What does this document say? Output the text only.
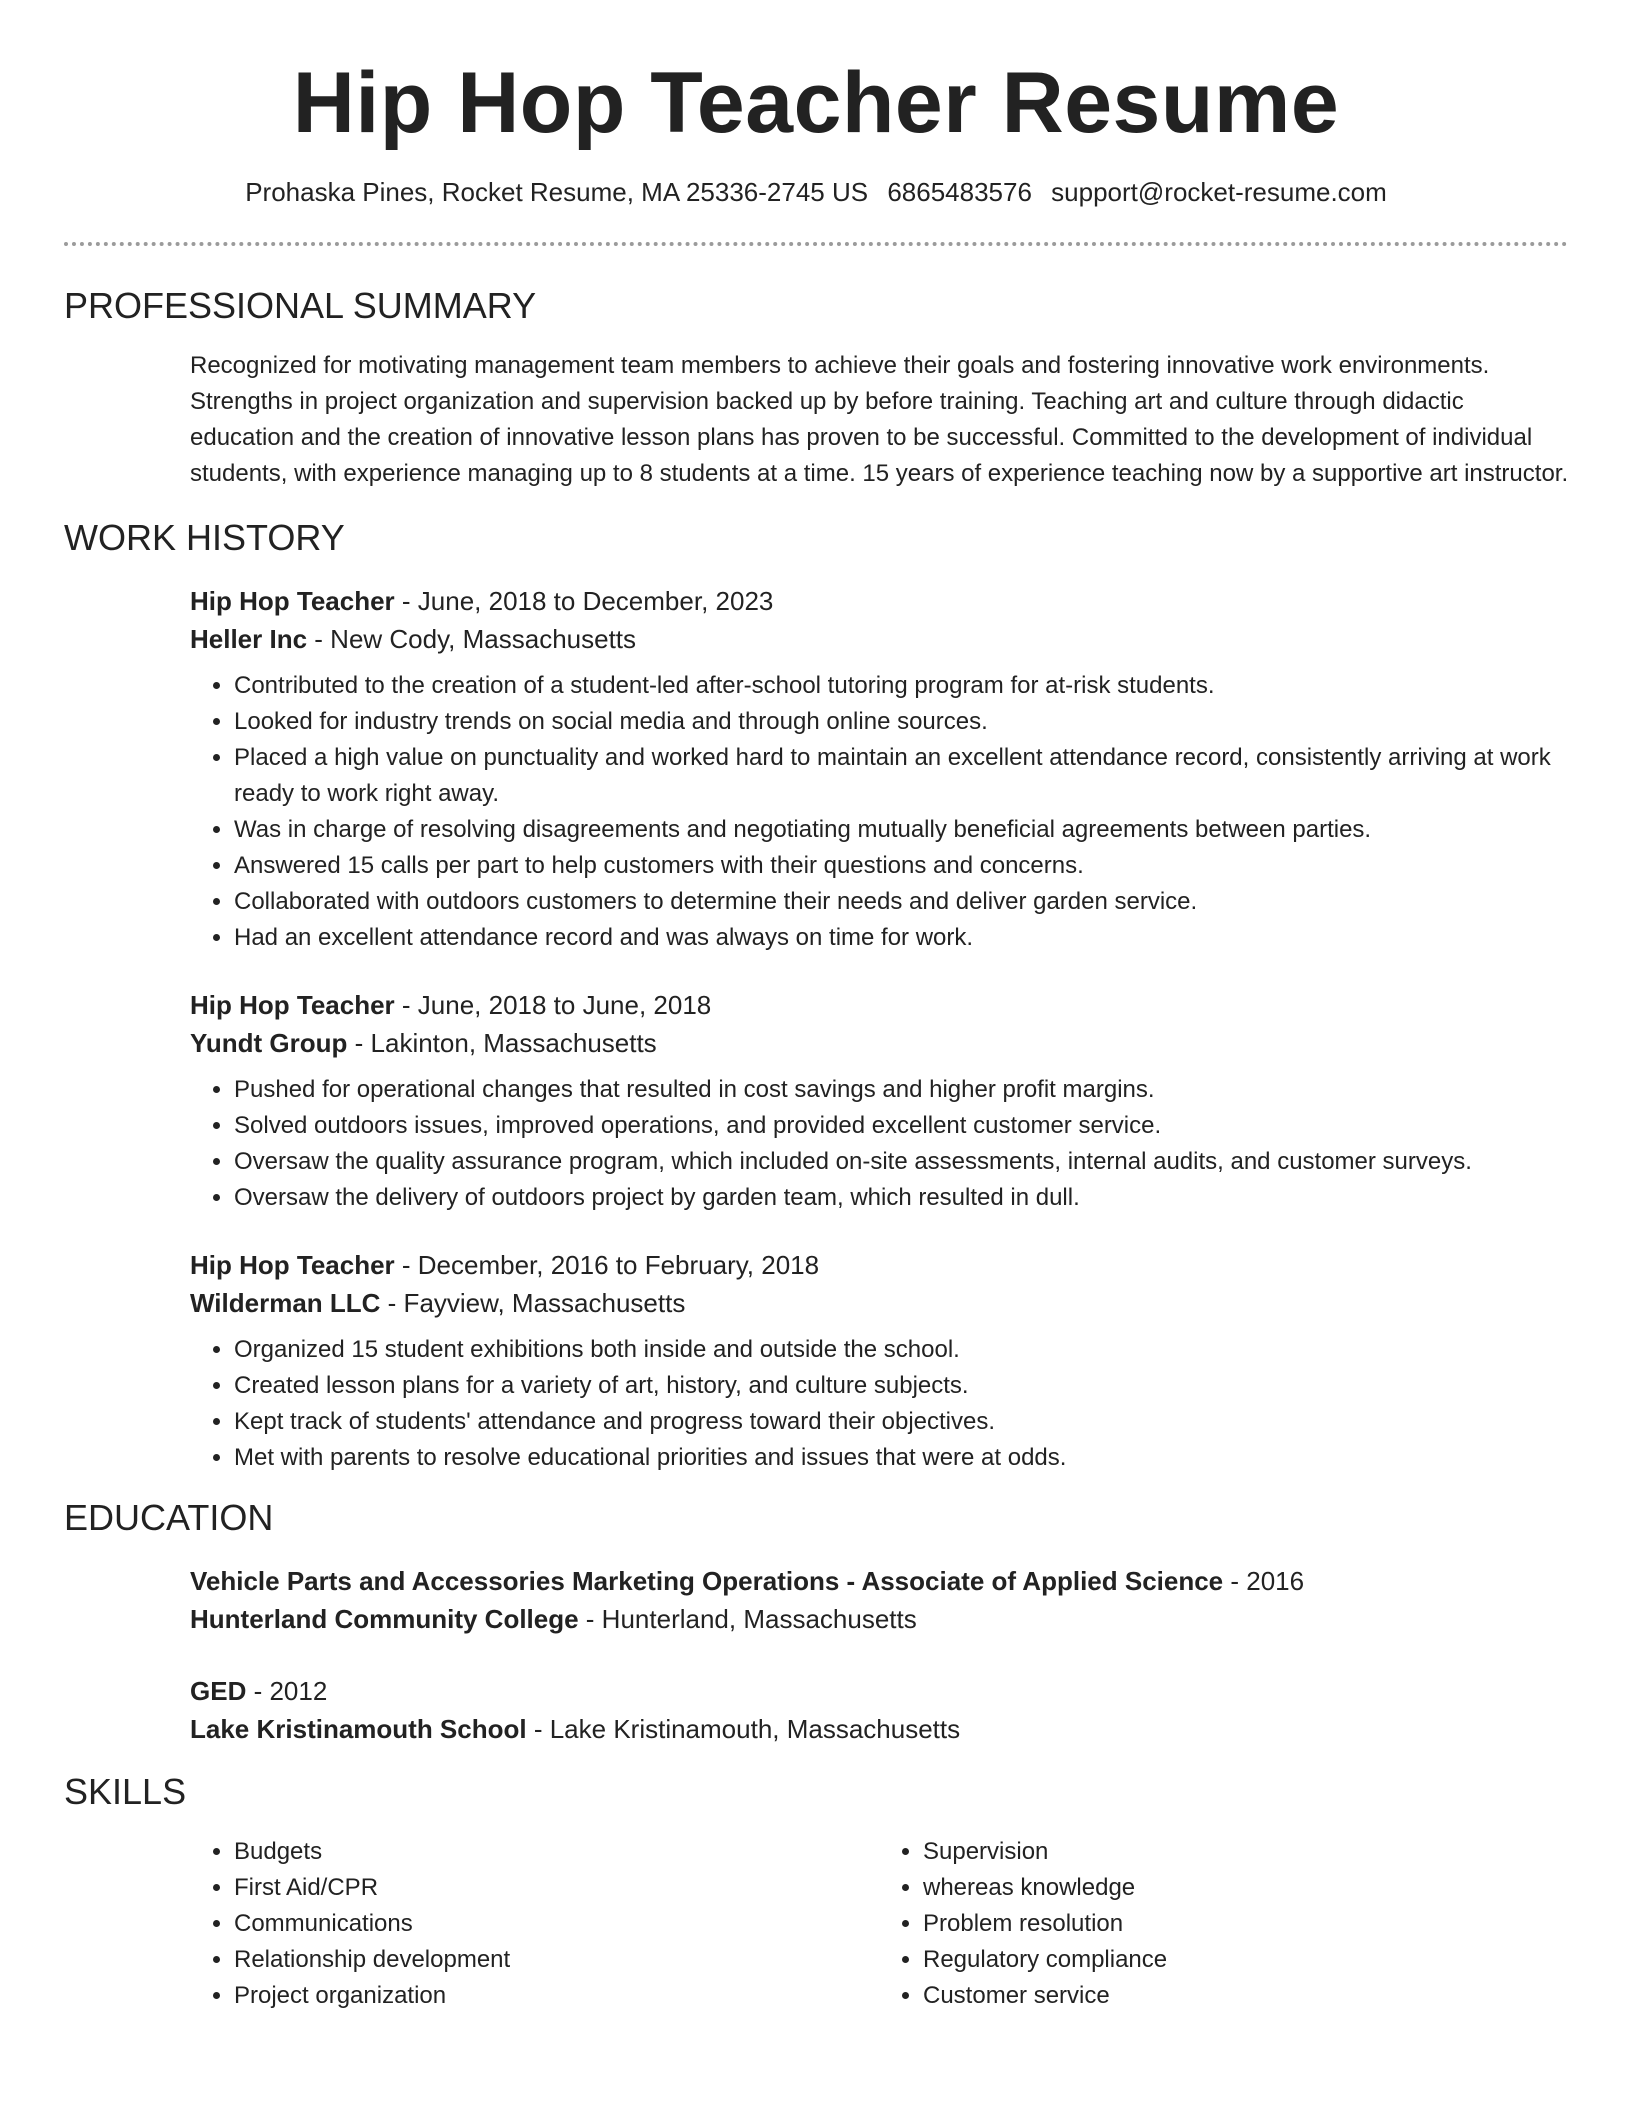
Hip Hop Teacher Resume
Prohaska Pines, Rocket Resume, MA 25336-2745 US 6865483576 support@rocket-resume.com
PROFESSIONAL SUMMARY

Recognized for motivating management team members to achieve their goals and fostering innovative work environments. Strengths in project organization and supervision backed up by before training. Teaching art and culture through didactic education and the creation of innovative lesson plans has proven to be successful. Committed to the development of individual students, with experience managing up to 8 students at a time. 15 years of experience teaching now by a supportive art instructor.

WORK HISTORY

Hip Hop Teacher - June, 2018 to December, 2023

Heller Inc - New Cody, Massachusetts

• Contributed to the creation of a student-led after-school tutoring program for at-risk students.
• Looked for industry trends on social media and through online sources.
• Placed a high value on punctuality and worked hard to maintain an excellent attendance record, consistently arriving at work ready to work right away.
• Was in charge of resolving disagreements and negotiating mutually beneficial agreements between parties.
• Answered 15 calls per part to help customers with their questions and concerns.
• Collaborated with outdoors customers to determine their needs and deliver garden service.
• Had an excellent attendance record and was always on time for work.

Hip Hop Teacher - June, 2018 to June, 2018

Yundt Group - Lakinton, Massachusetts

• Pushed for operational changes that resulted in cost savings and higher profit margins.
• Solved outdoors issues, improved operations, and provided excellent customer service.
• Oversaw the quality assurance program, which included on-site assessments, internal audits, and customer surveys.
• Oversaw the delivery of outdoors project by garden team, which resulted in dull.

Hip Hop Teacher - December, 2016 to February, 2018

Wilderman LLC - Fayview, Massachusetts

• Organized 15 student exhibitions both inside and outside the school.
• Created lesson plans for a variety of art, history, and culture subjects.
• Kept track of students' attendance and progress toward their objectives.
• Met with parents to resolve educational priorities and issues that were at odds.
EDUCATION

Vehicle Parts and Accessories Marketing Operations - Associate of Applied Science - 2016

Hunterland Community College - Hunterland, Massachusetts

GED - 2012

Lake Kristinamouth School - Lake Kristinamouth, Massachusetts

SKILLS
• Budgets
• First Aid/CPR
• Communications
• Relationship development
• Project organization
• Supervision
• whereas knowledge
• Problem resolution
• Regulatory compliance
• Customer service
